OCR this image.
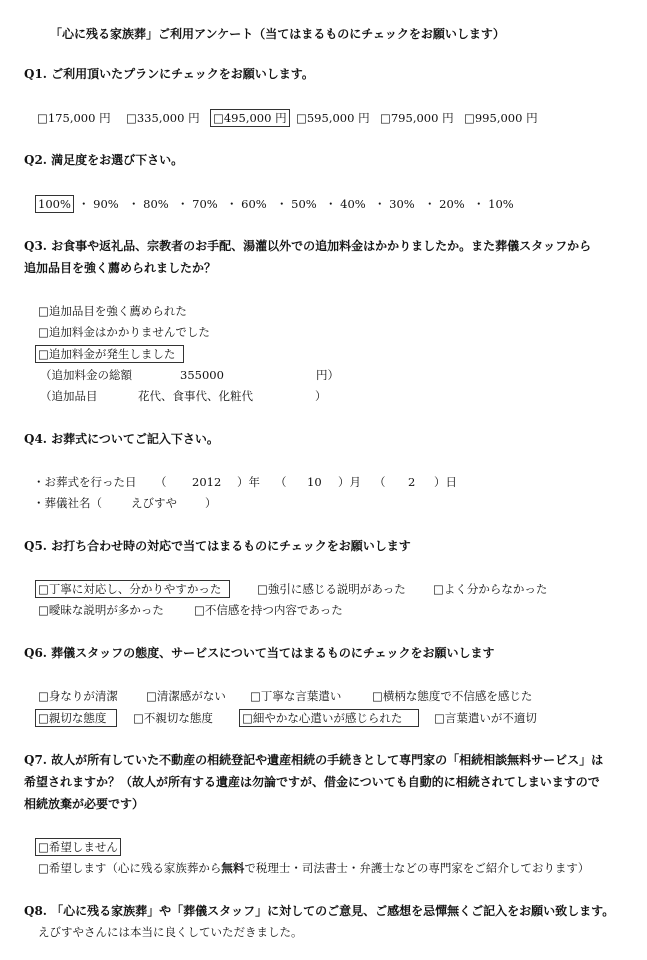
「心に残る家族葬」ご利用アンケート（当てはまるものにチェックをお願いします）
Q1. ご利用頂いたプランにチェックをお願いします。
□175,000 円 □335,000 円 □495,000 円 □595,000 円 □795,000 円 □995,000 円
Q2. 満足度をお選び下さい。
100% ・ 90% ・ 80% ・ 70% ・ 60% ・ 50% ・ 40% ・ 30% ・ 20% ・ 10%
Q3. お食事や返礼品、宗教者のお手配、湯灌以外での追加料金はかかりましたか。また葬儀スタッフから
追加品目を強く薦められましたか？
□追加品目を強く薦められた
□追加料金はかかりませんでした
□追加料金が発生しました
（追加料金の総額	355000	円）
（追加品目	花代、食事代、化粧代	）
Q4. お葬式についてご記入下さい。
・お葬式を行った日 （ 2012 ）年 （ 10 ）月 （ 2 ）日
・葬儀社名（	えびすや ）
Q5. お打ち合わせ時の対応で当てはまるものにチェックをお願いします
□丁寧に対応し、分かりやすかった	□強引に感じる説明があった □よく分からなかった
□曖昧な説明が多かった	□不信感を持つ内容であった
Q6. 葬儀スタッフの態度、サービスについて当てはまるものにチェックをお願いします
□身なりが清潔 □清潔感がない □丁寧な言葉遣い	□横柄な態度で不信感を感じた
□親切な態度	□不親切な態度	□細やかな心遣いが感じられた	□言葉遣いが不適切
Q7. 故人が所有していた不動産の相続登記や遺産相続の手続きとして専門家の「相続相談無料サービス」は
希望されますか？（故人が所有する遺産は勿論ですが、借金についても自動的に相続されてしまいますので
相続放棄が必要です）
□希望しません
□希望します（心に残る家族葬から無料で税理士・司法書士・弁護士などの専門家をご紹介しております）
Q8. 「心に残る家族葬」や「葬儀スタッフ」に対してのご意見、ご感想を忌憚無くご記入をお願い致します。
えびすやさんには本当に良くしていただきました。
